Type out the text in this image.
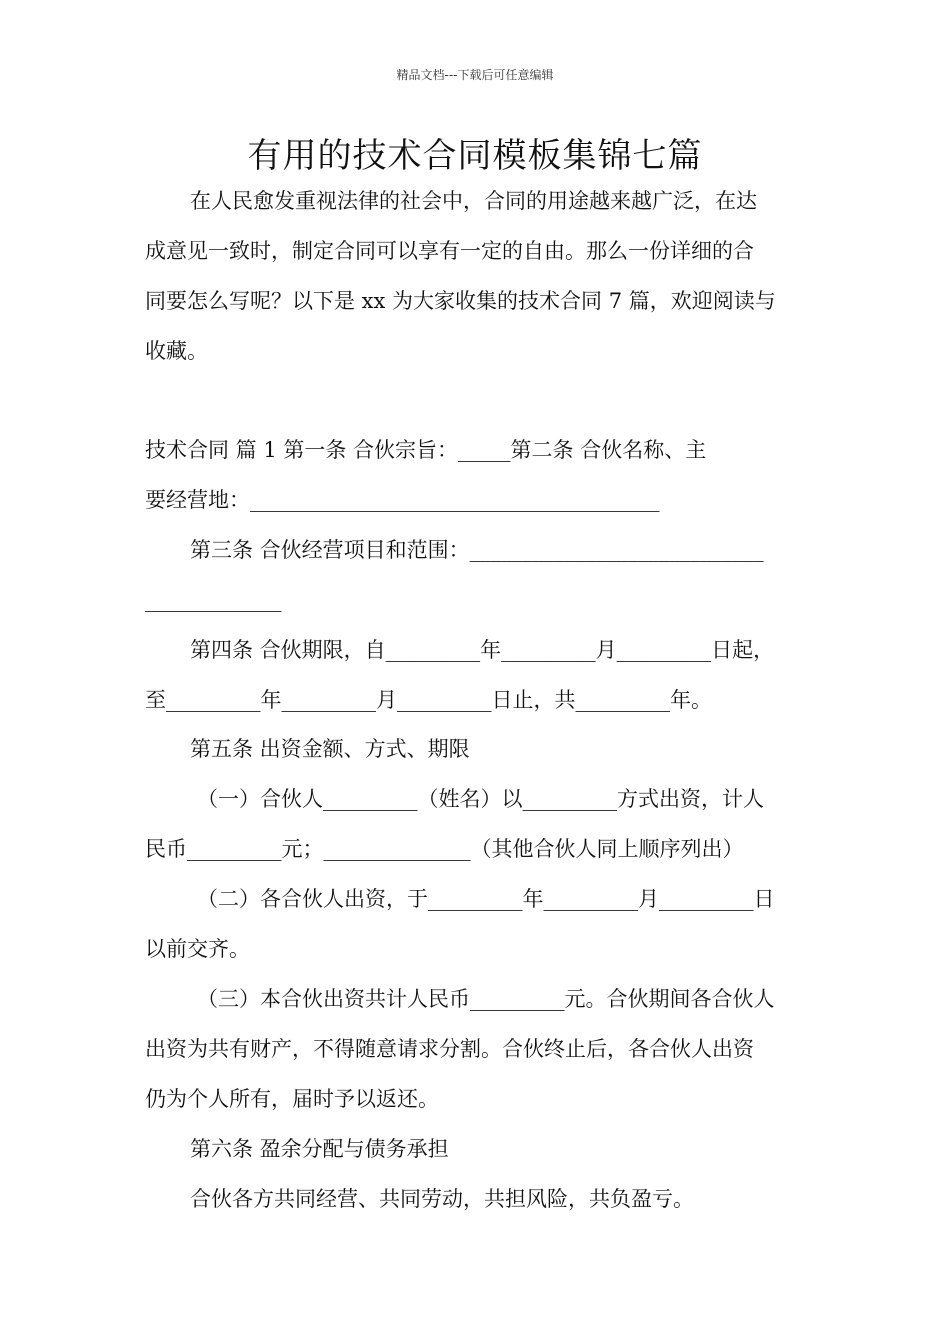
精品文档---下载后可任意编辑
有用的技术合同模板集锦七篇
在人民愈发重视法律的社会中，合同的用途越来越广泛，在达
成意见一致时，制定合同可以享有一定的自由。那么一份详细的合
同要怎么写呢？以下是 xx 为大家收集的技术合同 7 篇，欢迎阅读与
收藏。
技术合同 篇 1 第一条 合伙宗旨：_____第二条 合伙名称、主
要经营地：_______________________________________
第三条 合伙经营项目和范围：____________________________
_____________
第四条 合伙期限，自_________年_________月_________日起，
至_________年_________月_________日止，共_________年。
第五条 出资金额、方式、期限
（一）合伙人_________（姓名）以_________方式出资，计人
民币_________元；______________（其他合伙人同上顺序列出）
（二）各合伙人出资，于_________年_________月_________日
以前交齐。
（三）本合伙出资共计人民币_________元。合伙期间各合伙人
出资为共有财产，不得随意请求分割。合伙终止后，各合伙人出资
仍为个人所有，届时予以返还。
第六条 盈余分配与债务承担
合伙各方共同经营、共同劳动，共担风险，共负盈亏。
